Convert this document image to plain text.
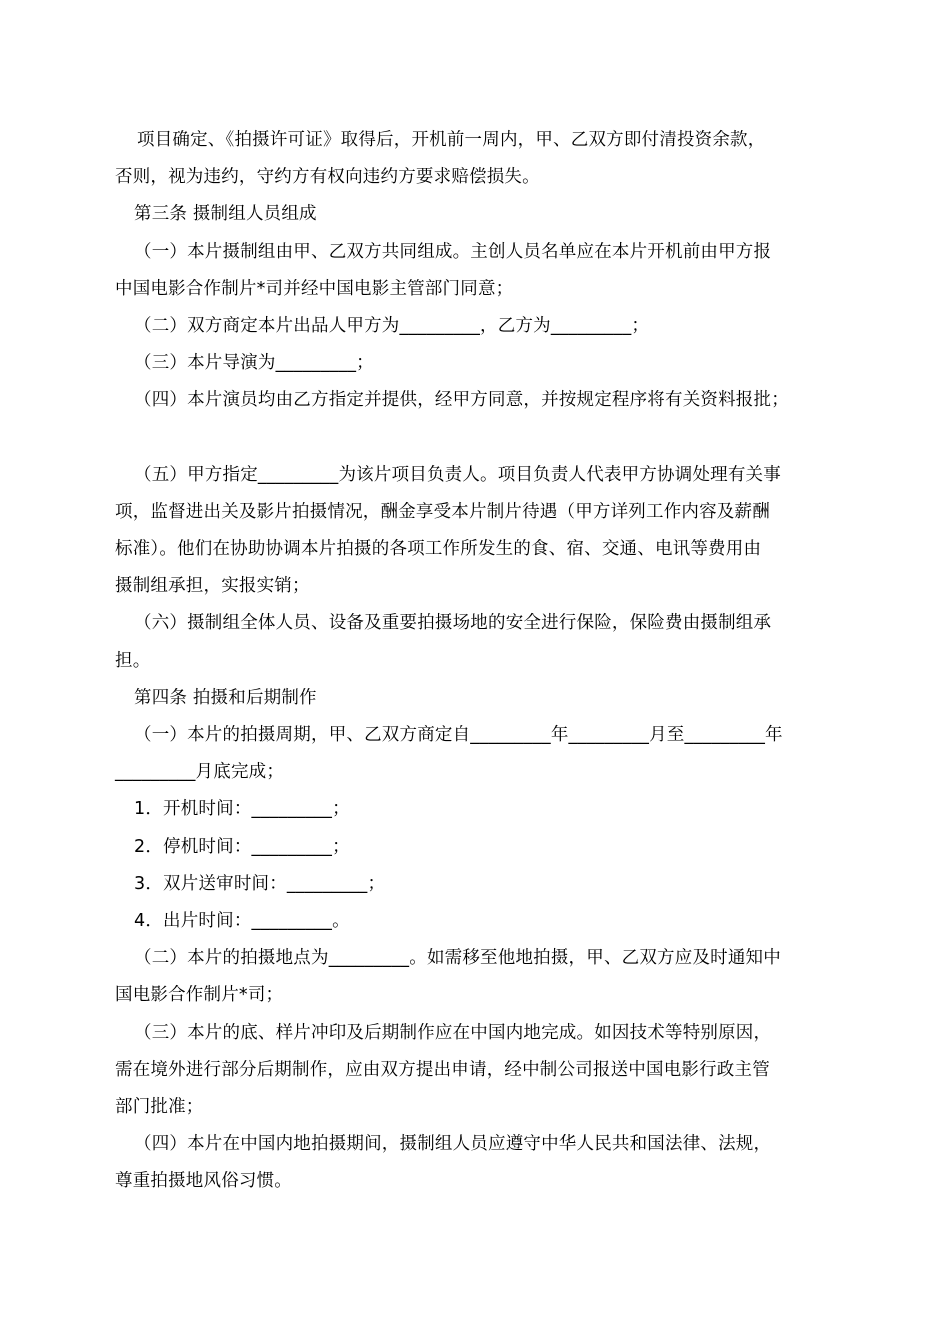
项目确定、《拍摄许可证》取得后，开机前一周内，甲、乙双方即付清投资余款，
否则，视为违约，守约方有权向违约方要求赔偿损失。
第三条 摄制组人员组成
（一）本片摄制组由甲、乙双方共同组成。主创人员名单应在本片开机前由甲方报
中国电影合作制片*司并经中国电影主管部门同意；
（二）双方商定本片出品人甲方为_________，乙方为_________；
（三）本片导演为_________；
（四）本片演员均由乙方指定并提供，经甲方同意，并按规定程序将有关资料报批；
（五）甲方指定_________为该片项目负责人。项目负责人代表甲方协调处理有关事
项，监督进出关及影片拍摄情况，酬金享受本片制片待遇（甲方详列工作内容及薪酬
标准）。他们在协助协调本片拍摄的各项工作所发生的食、宿、交通、电讯等费用由
摄制组承担，实报实销；
（六）摄制组全体人员、设备及重要拍摄场地的安全进行保险，保险费由摄制组承
担。
第四条 拍摄和后期制作
（一）本片的拍摄周期，甲、乙双方商定自_________年_________月至_________年
_________月底完成；
1．开机时间：_________；
2．停机时间：_________；
3．双片送审时间：_________；
4．出片时间：_________。
（二）本片的拍摄地点为_________。如需移至他地拍摄，甲、乙双方应及时通知中
国电影合作制片*司；
（三）本片的底、样片冲印及后期制作应在中国内地完成。如因技术等特别原因，
需在境外进行部分后期制作，应由双方提出申请，经中制公司报送中国电影行政主管
部门批准；
（四）本片在中国内地拍摄期间，摄制组人员应遵守中华人民共和国法律、法规，
尊重拍摄地风俗习惯。
